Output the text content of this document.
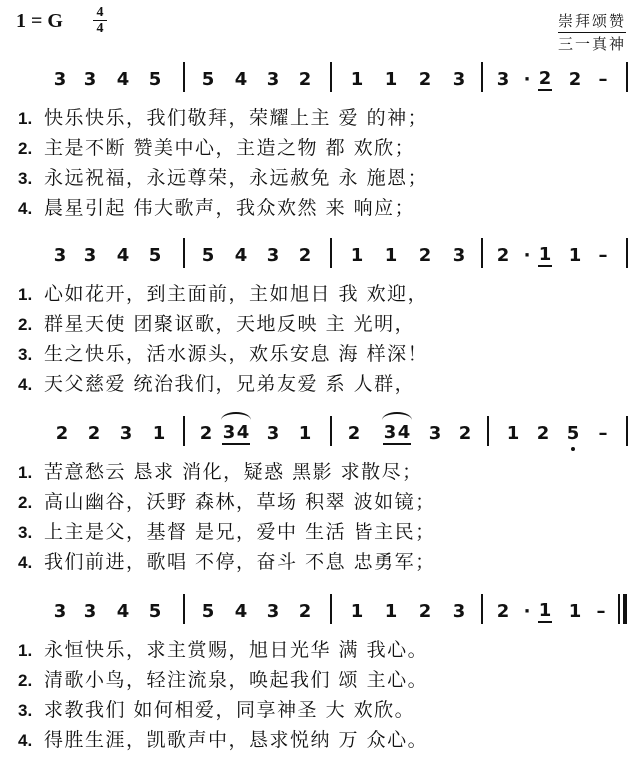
1 = G $\frac{4}{4}$	崇拜颂赞
三一真神
3 3 4 5 5 4 3 2 1 1 2 3 3 · 2 2 –
1. 快乐快乐，我们敬拜，荣耀上主 爱 的神；
2. 主是不断 赞美中心，主造之物 都 欢欣；
3. 永远祝福，永远尊荣，永远赦免 永 施恩；
4. 晨星引起 伟大歌声，我众欢然 来 响应；
3 3 4 5 5 4 3 2 1 1 2 3 2 · 1 1 –
1. 心如花开，到主面前，主如旭日 我 欢迎，
2. 群星天使 团聚讴歌，天地反映 主 光明，
3. 生之快乐，活水源头，欢乐安息 海 样深！
4. 天父慈爱 统治我们，兄弟友爱 系 人群，
2 2 3 1 2 3 4 3 1 2 3 4 3 2 1 2 5 –
1. 苦意愁云 恳求 消化，疑惑 黑影 求散尽；
2. 高山幽谷，沃野 森林，草场 积翠 波如镜；
3. 上主是父，基督 是兄，爱中 生活 皆主民；
4. 我们前进，歌唱 不停，奋斗 不息 忠勇军；
3 3 4 5 5 4 3 2 1 1 2 3 2 · 1 1 –
1. 永恒快乐，求主赏赐，旭日光华 满 我心。
2. 清歌小鸟，轻注流泉，唤起我们 颂 主心。
3. 求教我们 如何相爱，同享神圣 大 欢欣。
4. 得胜生涯，凯歌声中，恳求悦纳 万 众心。
